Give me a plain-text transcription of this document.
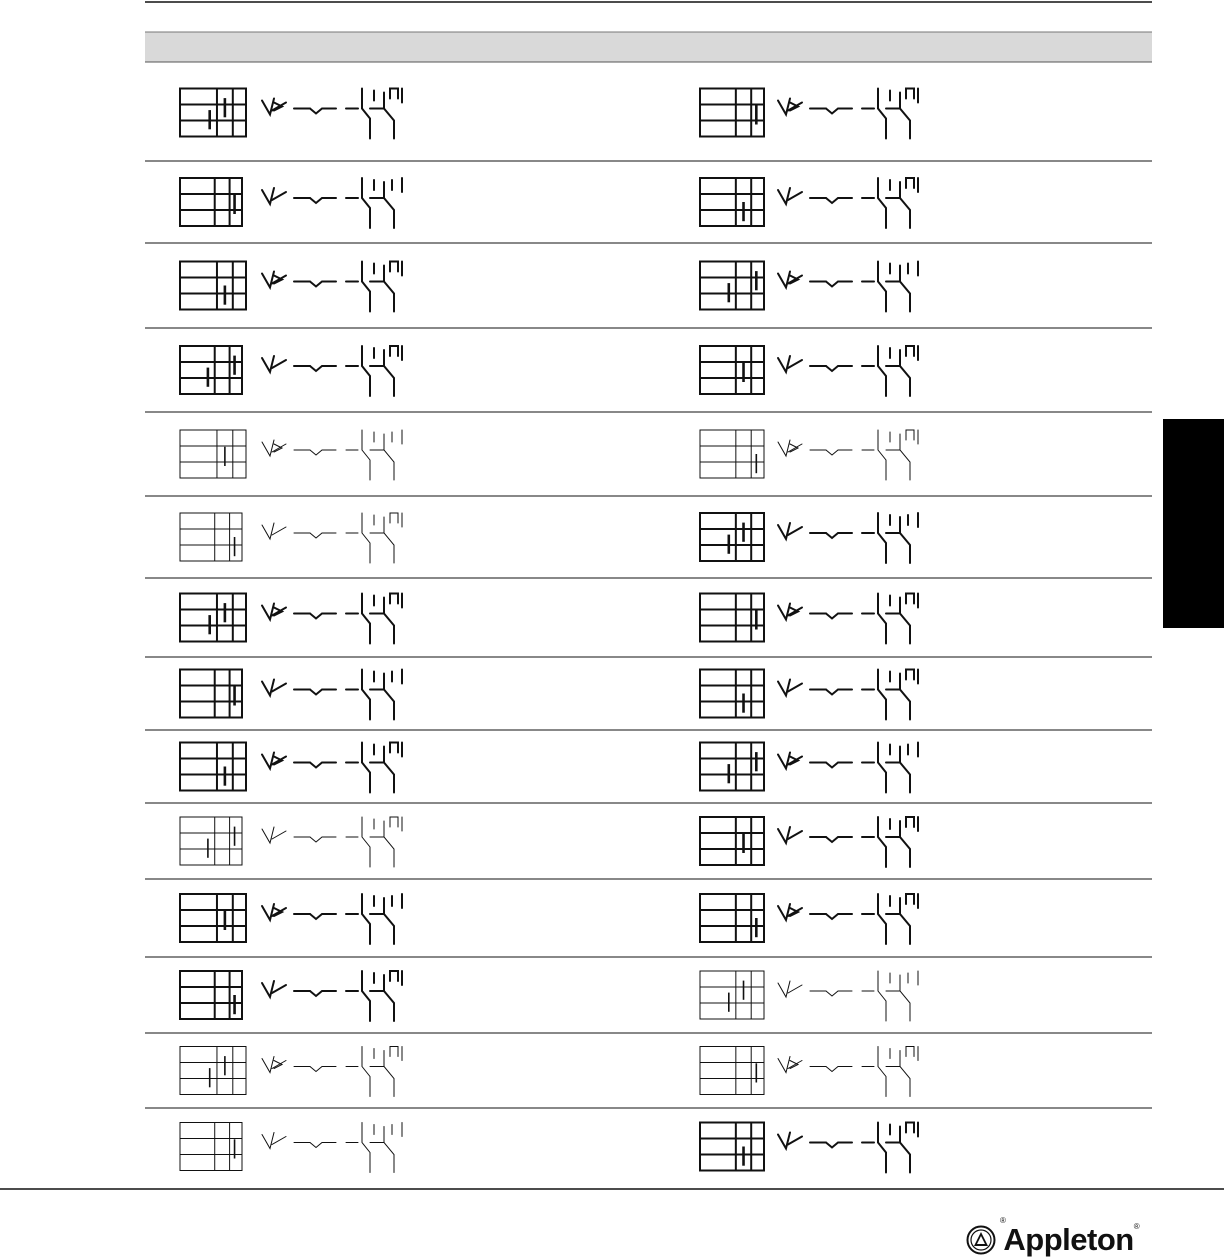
®
Appleton ®
